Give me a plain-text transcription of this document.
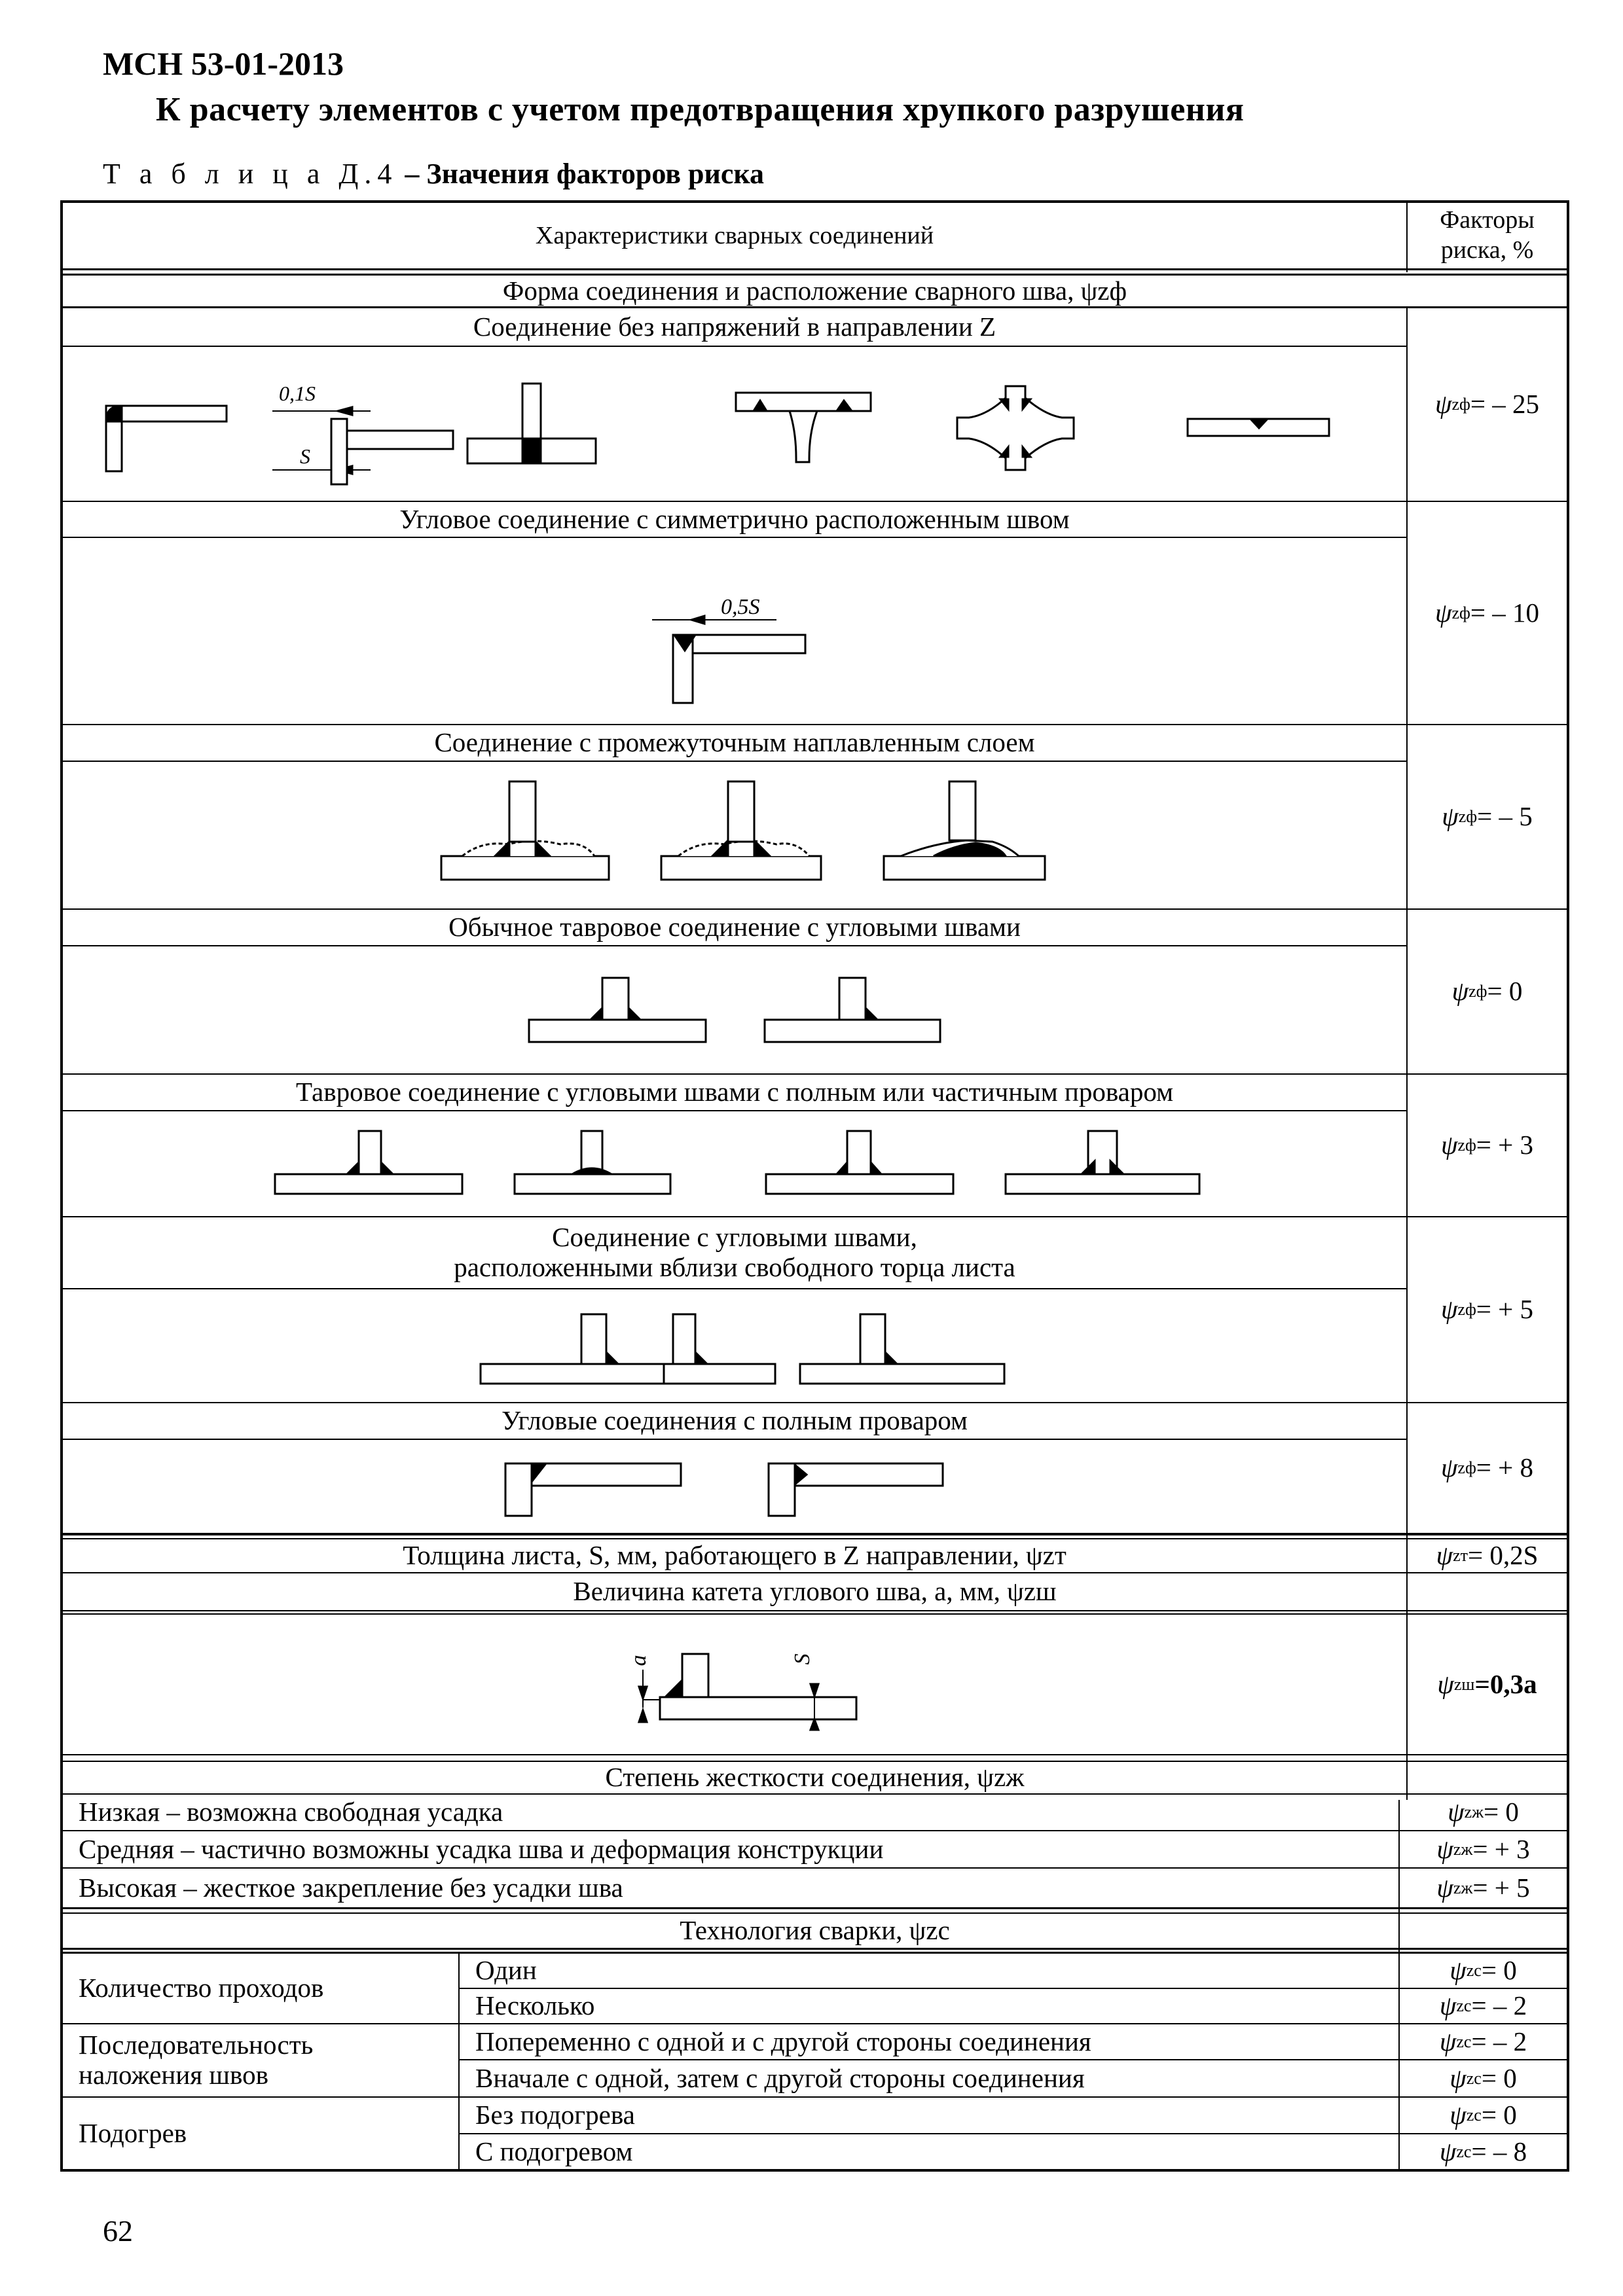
МСН 53-01-2013
К расчету элементов с учетом предотвращения хрупкого разрушения
Т а б л и ц а Д.4 – Значения факторов риска
Характеристики сварных соединений
Факторы
риска, %
Форма соединения и расположение сварного шва, ψzф
Соединение без напряжений в направлении Z
Угловое соединение с симметрично расположенным швом
Соединение с промежуточным наплавленным слоем
Обычное тавровое соединение с угловыми швами
Тавровое соединение с угловыми швами с полным или частичным проваром
Соединение с угловыми швами,
расположенными вблизи свободного торца листа
Угловые соединения с полным проваром
Толщина листа, S, мм, работающего в Z направлении, ψzт
Величина катета углового шва, a, мм, ψzш
Степень жесткости соединения, ψzж
Низкая – возможна свободная усадка
Средняя – частично возможны усадка шва и деформация конструкции
Высокая – жесткое закрепление без усадки шва
Технология сварки, ψzc
Количество проходов
Последовательность
наложения швов
Подогрев
Один
Несколько
Попеременно с одной и с другой стороны соединения
Вначале с одной, затем с другой стороны соединения
Без подогрева
С подогревом
ψ zф = – 25
ψ zф = – 10
ψ zф = – 5
ψ zф = 0
ψ zф = + 3
ψ zф = + 5
ψ zф = + 8
ψ zт = 0,2S
ψ zш =0,3a
ψ zж = 0
ψ zж = + 3
ψ zж = + 5
ψ zc = 0
ψ zc = – 2
ψ zc = – 2
ψ zc = 0
ψ zc = 0
ψ zc = – 8
0,1S
S
0,5S
a	S
62
